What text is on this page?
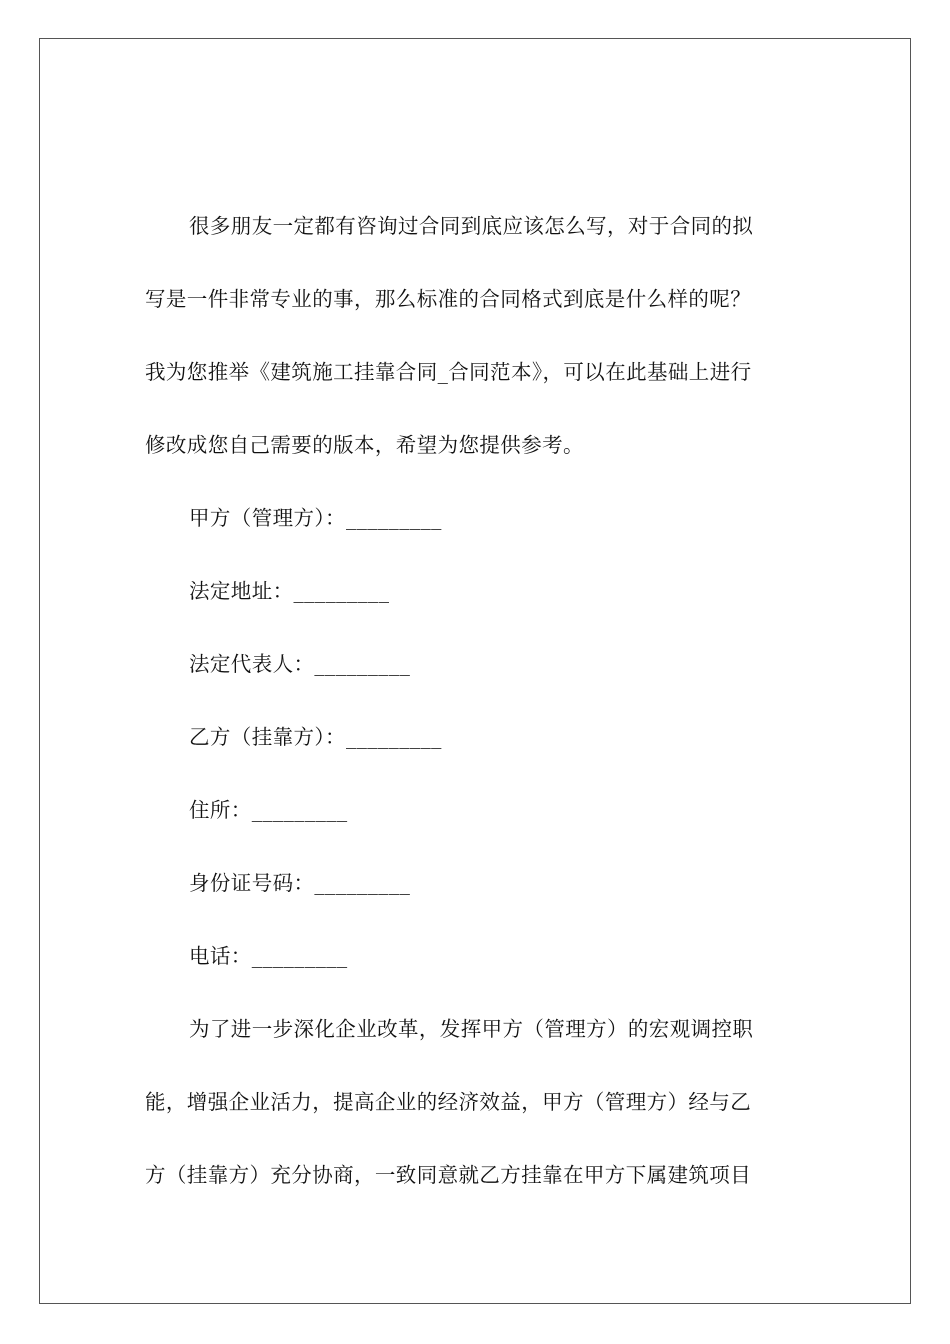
很多朋友一定都有咨询过合同到底应该怎么写，对于合同的拟
写是一件非常专业的事，那么标准的合同格式到底是什么样的呢？
我为您推举《建筑施工挂靠合同_合同范本》，可以在此基础上进行
修改成您自己需要的版本，希望为您提供参考。

甲方（管理方）：_________

法定地址：_________

法定代表人：_________

乙方（挂靠方）：_________

住所：_________

身份证号码：_________

电话：_________

为了进一步深化企业改革，发挥甲方（管理方）的宏观调控职
能，增强企业活力，提高企业的经济效益，甲方（管理方）经与乙
方（挂靠方）充分协商，一致同意就乙方挂靠在甲方下属建筑项目
